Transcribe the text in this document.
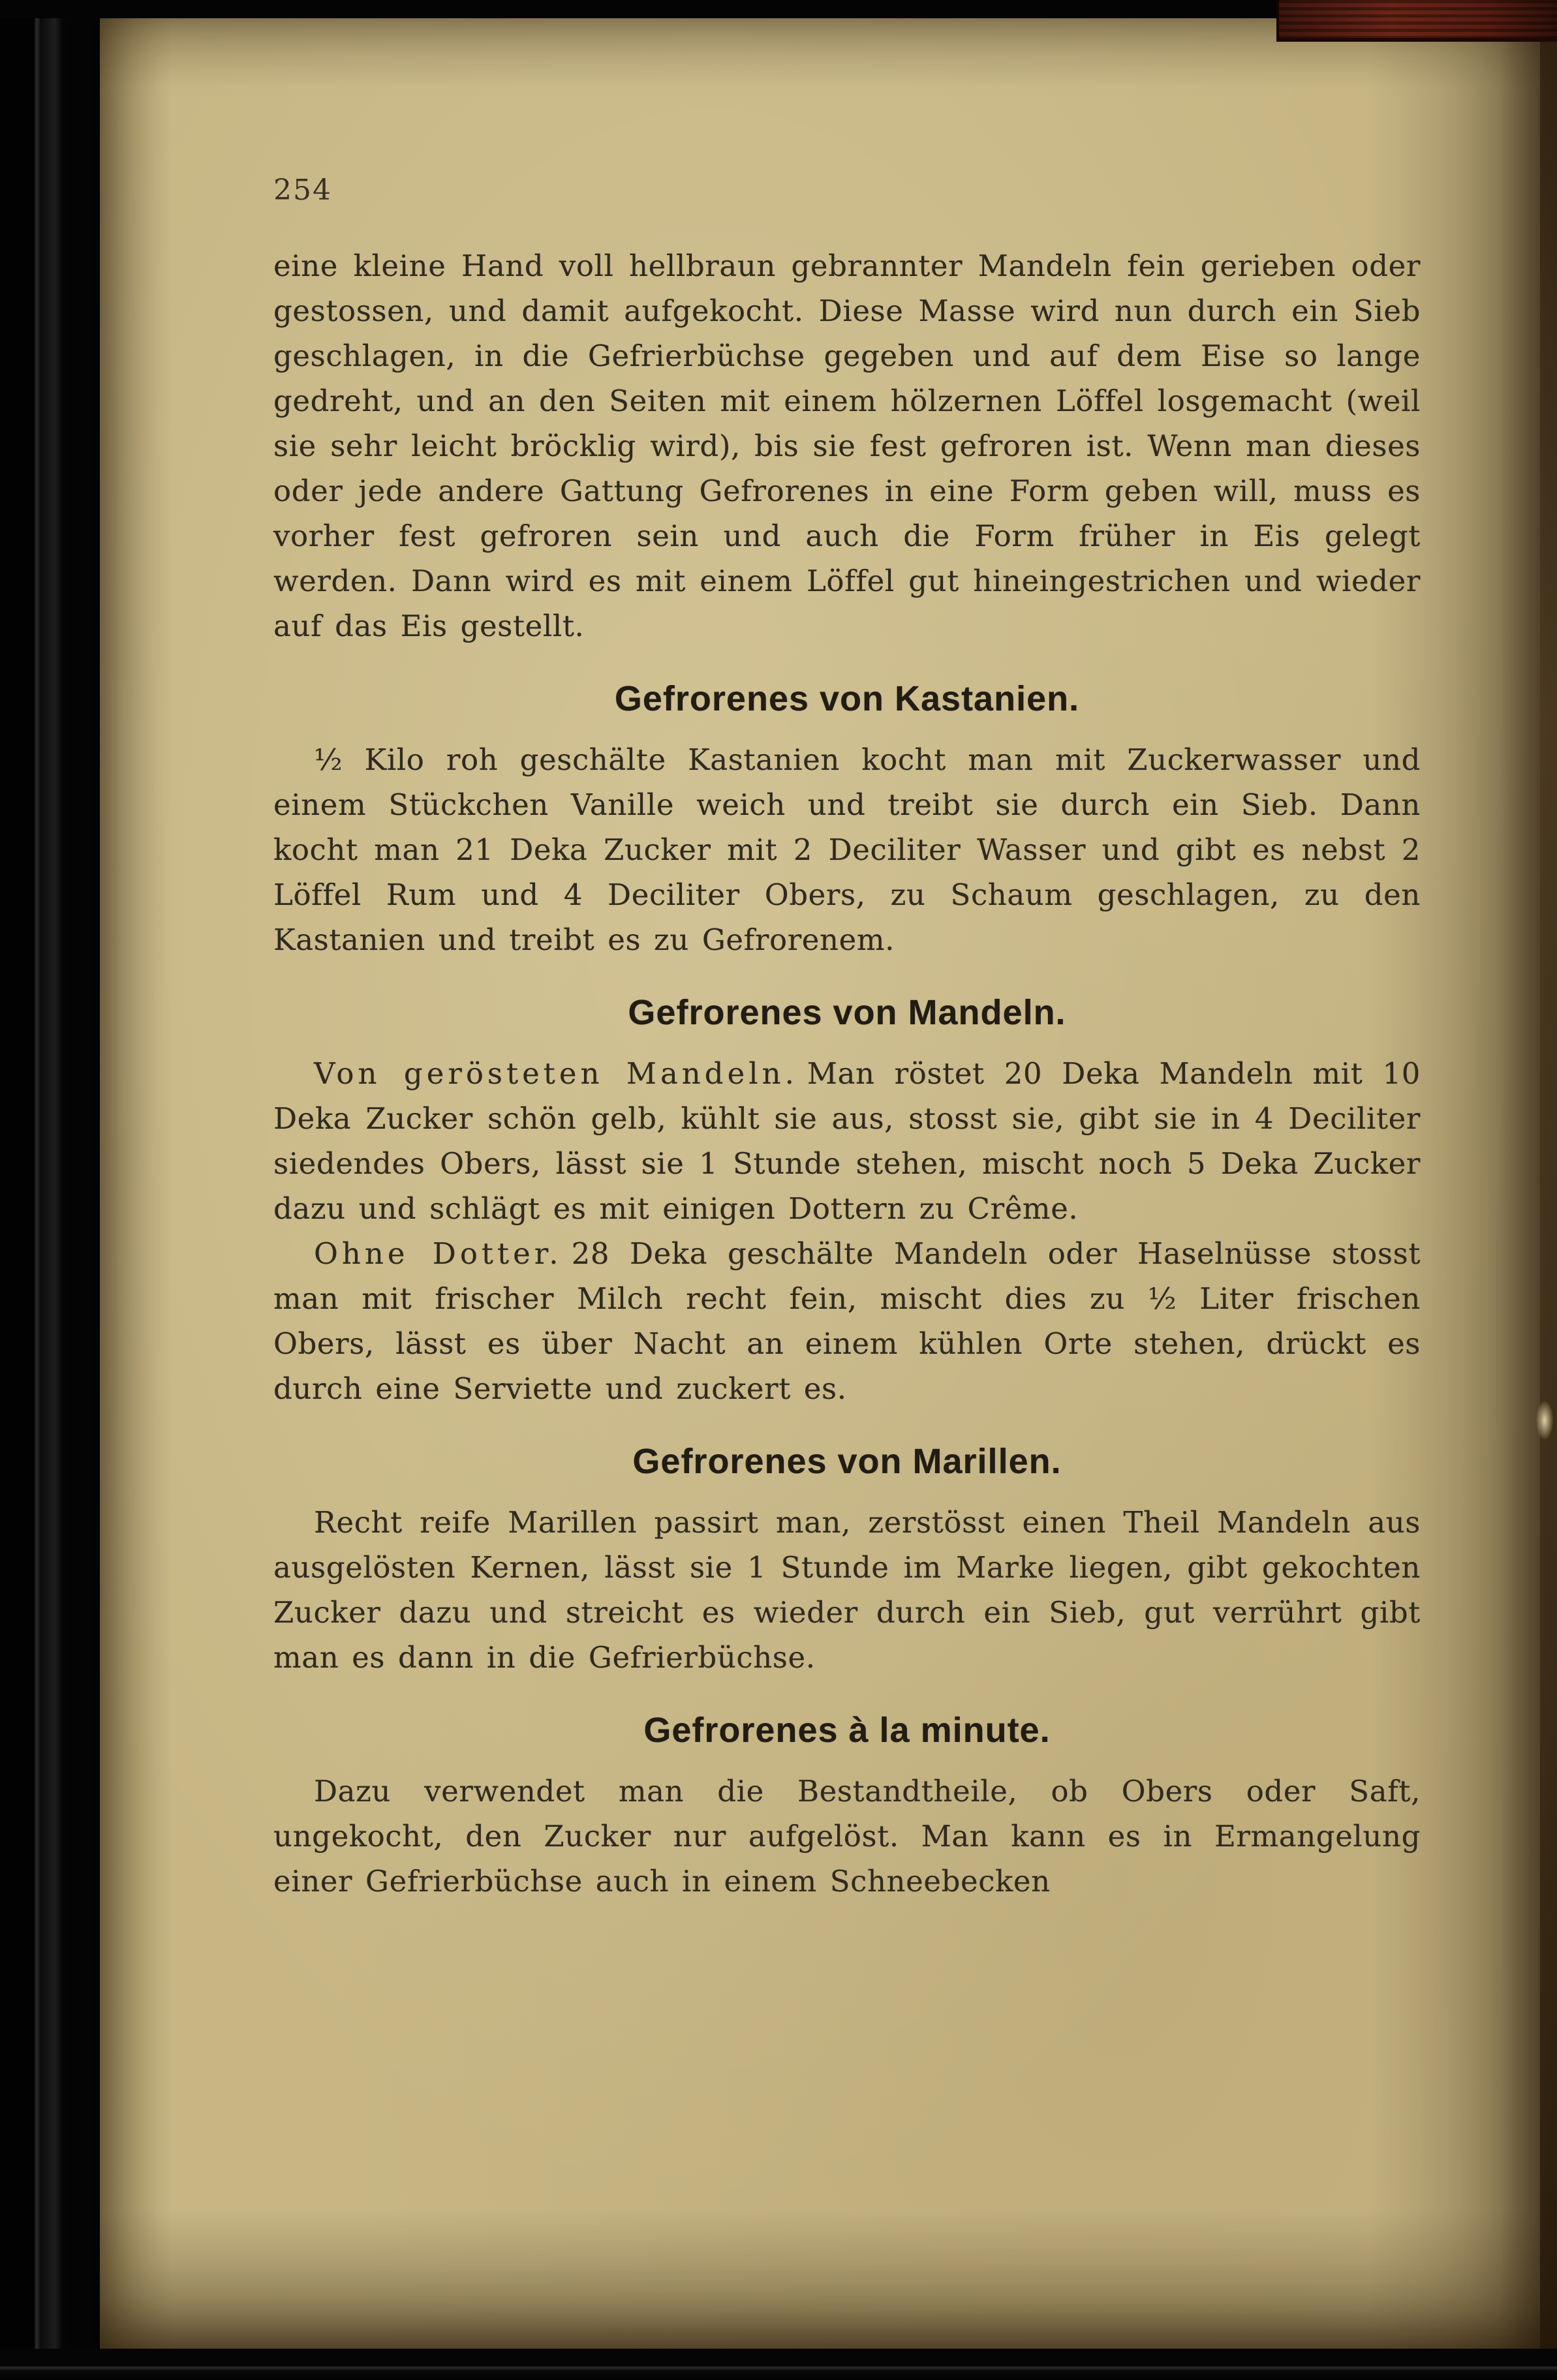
254

eine kleine Hand voll hellbraun gebrannter Mandeln fein gerieben oder gestossen, und damit aufgekocht. Diese Masse wird nun durch ein Sieb geschlagen, in die Gefrierbüchse gegeben und auf dem Eise so lange gedreht, und an den Seiten mit einem hölzernen Löffel losgemacht (weil sie sehr leicht bröcklig wird), bis sie fest gefroren ist. Wenn man dieses oder jede andere Gattung Gefrorenes in eine Form geben will, muss es vorher fest gefroren sein und auch die Form früher in Eis gelegt werden. Dann wird es mit einem Löffel gut hineingestrichen und wieder auf das Eis gestellt.

Gefrorenes von Kastanien.

½ Kilo roh geschälte Kastanien kocht man mit Zuckerwasser und einem Stückchen Vanille weich und treibt sie durch ein Sieb. Dann kocht man 21 Deka Zucker mit 2 Deciliter Wasser und gibt es nebst 2 Löffel Rum und 4 Deciliter Obers, zu Schaum geschlagen, zu den Kastanien und treibt es zu Gefrorenem.

Gefrorenes von Mandeln.

Von gerösteten Mandeln. Man röstet 20 Deka Mandeln mit 10 Deka Zucker schön gelb, kühlt sie aus, stosst sie, gibt sie in 4 Deciliter siedendes Obers, lässt sie 1 Stunde stehen, mischt noch 5 Deka Zucker dazu und schlägt es mit einigen Dottern zu Crême.

Ohne Dotter. 28 Deka geschälte Mandeln oder Haselnüsse stosst man mit frischer Milch recht fein, mischt dies zu ½ Liter frischen Obers, lässt es über Nacht an einem kühlen Orte stehen, drückt es durch eine Serviette und zuckert es.

Gefrorenes von Marillen.

Recht reife Marillen passirt man, zerstösst einen Theil Mandeln aus ausgelösten Kernen, lässt sie 1 Stunde im Marke liegen, gibt gekochten Zucker dazu und streicht es wieder durch ein Sieb, gut verrührt gibt man es dann in die Gefrierbüchse.

Gefrorenes à la minute.

Dazu verwendet man die Bestandtheile, ob Obers oder Saft, ungekocht, den Zucker nur aufgelöst. Man kann es in Ermangelung einer Gefrierbüchse auch in einem Schneebecken
